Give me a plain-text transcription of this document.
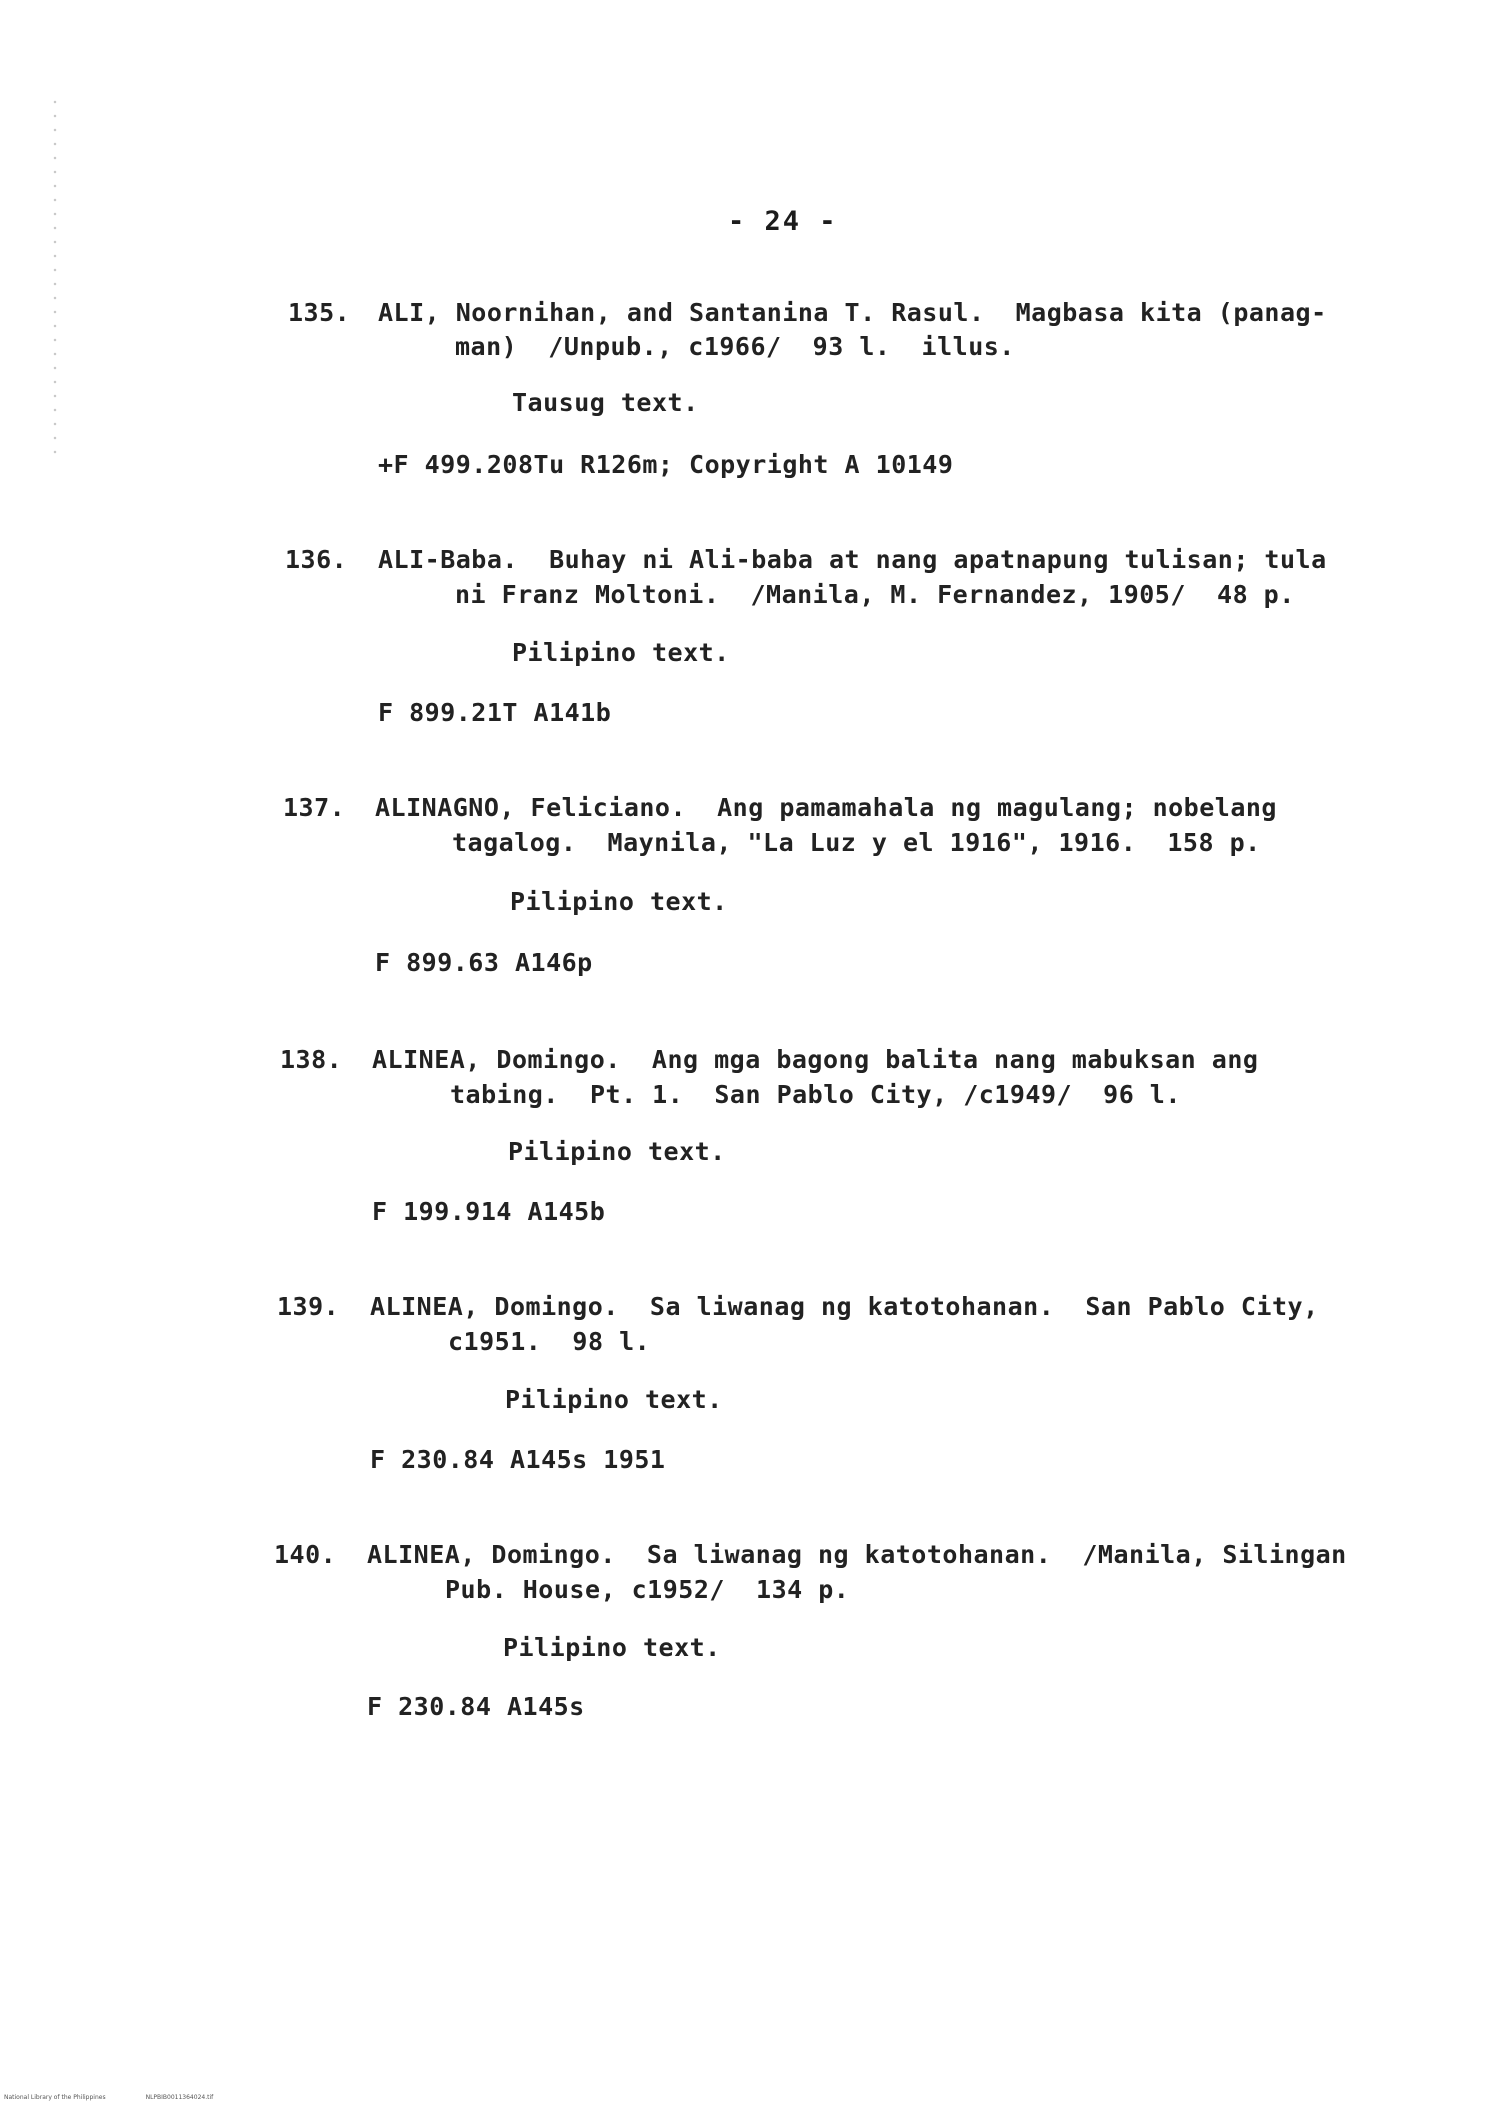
- 24 -
135. ALI, Noornihan, and Santanina T. Rasul.  Magbasa kita (panag-
man)  /Unpub., c1966/  93 l.  illus.
Tausug text.
+F 499.208Tu R126m; Copyright A 10149
136. ALI-Baba.  Buhay ni Ali-baba at nang apatnapung tulisan; tula
ni Franz Moltoni.  /Manila, M. Fernandez, 1905/  48 p.
Pilipino text.
F 899.21T A141b
137. ALINAGNO, Feliciano.  Ang pamamahala ng magulang; nobelang
tagalog.  Maynila, "La Luz y el 1916", 1916.  158 p.
Pilipino text.
F 899.63 A146p
138. ALINEA, Domingo.  Ang mga bagong balita nang mabuksan ang
tabing.  Pt. 1.  San Pablo City, /c1949/  96 l.
Pilipino text.
F 199.914 A145b
139. ALINEA, Domingo.  Sa liwanag ng katotohanan.  San Pablo City,
c1951.  98 l.
Pilipino text.
F 230.84 A145s 1951
140. ALINEA, Domingo.  Sa liwanag ng katotohanan.  /Manila, Silingan
Pub. House, c1952/  134 p.
Pilipino text.
F 230.84 A145s
National Library of the Philippines	NLPBIB0011364024.tif
